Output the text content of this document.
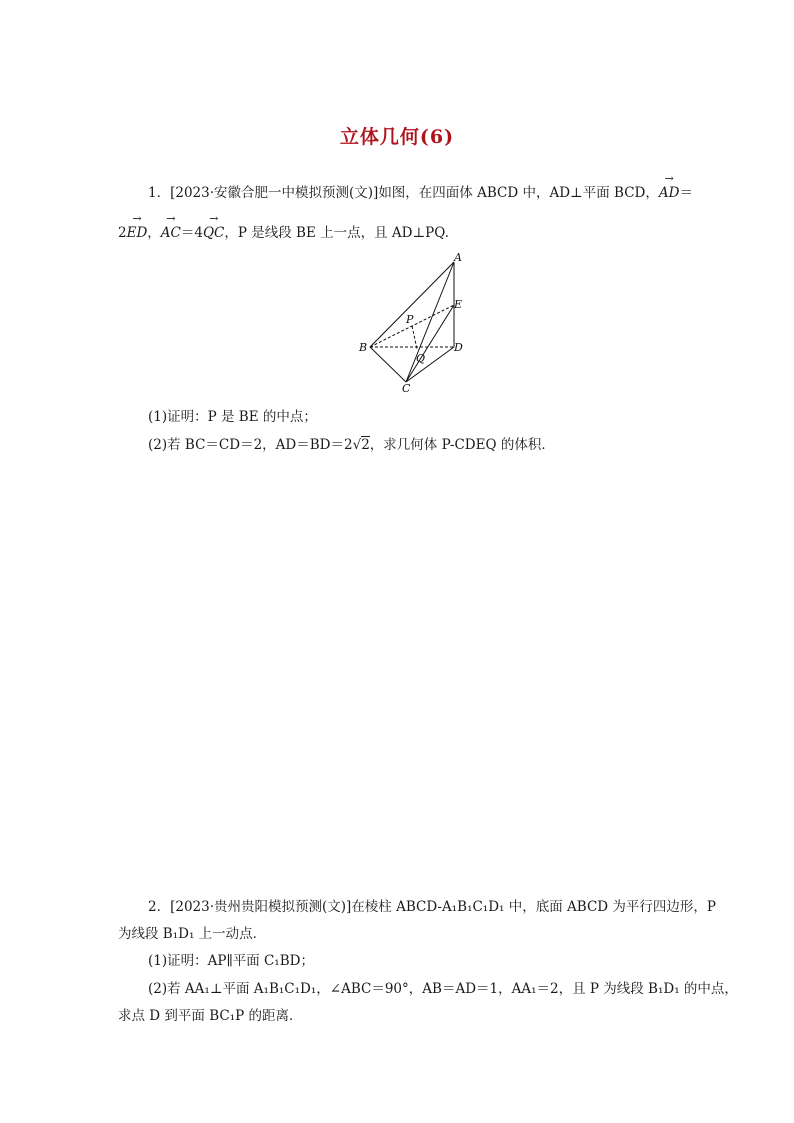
立体几何(6)
1．[2023·安徽合肥一中模拟预测(文)]如图，在四面体 ABCD 中，AD⊥平面 BCD，→ AD＝
2→ ED，→ AC＝4→ QC，P 是线段 BE 上一点，且 AD⊥PQ.
A
E
P
B
Q
D
C
(1)证明：P 是 BE 的中点；
(2)若 BC＝CD＝2，AD＝BD＝2√2，求几何体 P-CDEQ 的体积．
2．[2023·贵州贵阳模拟预测(文)]在棱柱 ABCD-A₁B₁C₁D₁ 中，底面 ABCD 为平行四边形，P
为线段 B₁D₁ 上一动点．
(1)证明：AP∥平面 C₁BD；
(2)若 AA₁⊥平面 A₁B₁C₁D₁，∠ABC＝90°，AB＝AD＝1，AA₁＝2，且 P 为线段 B₁D₁ 的中点，
求点 D 到平面 BC₁P 的距离．
